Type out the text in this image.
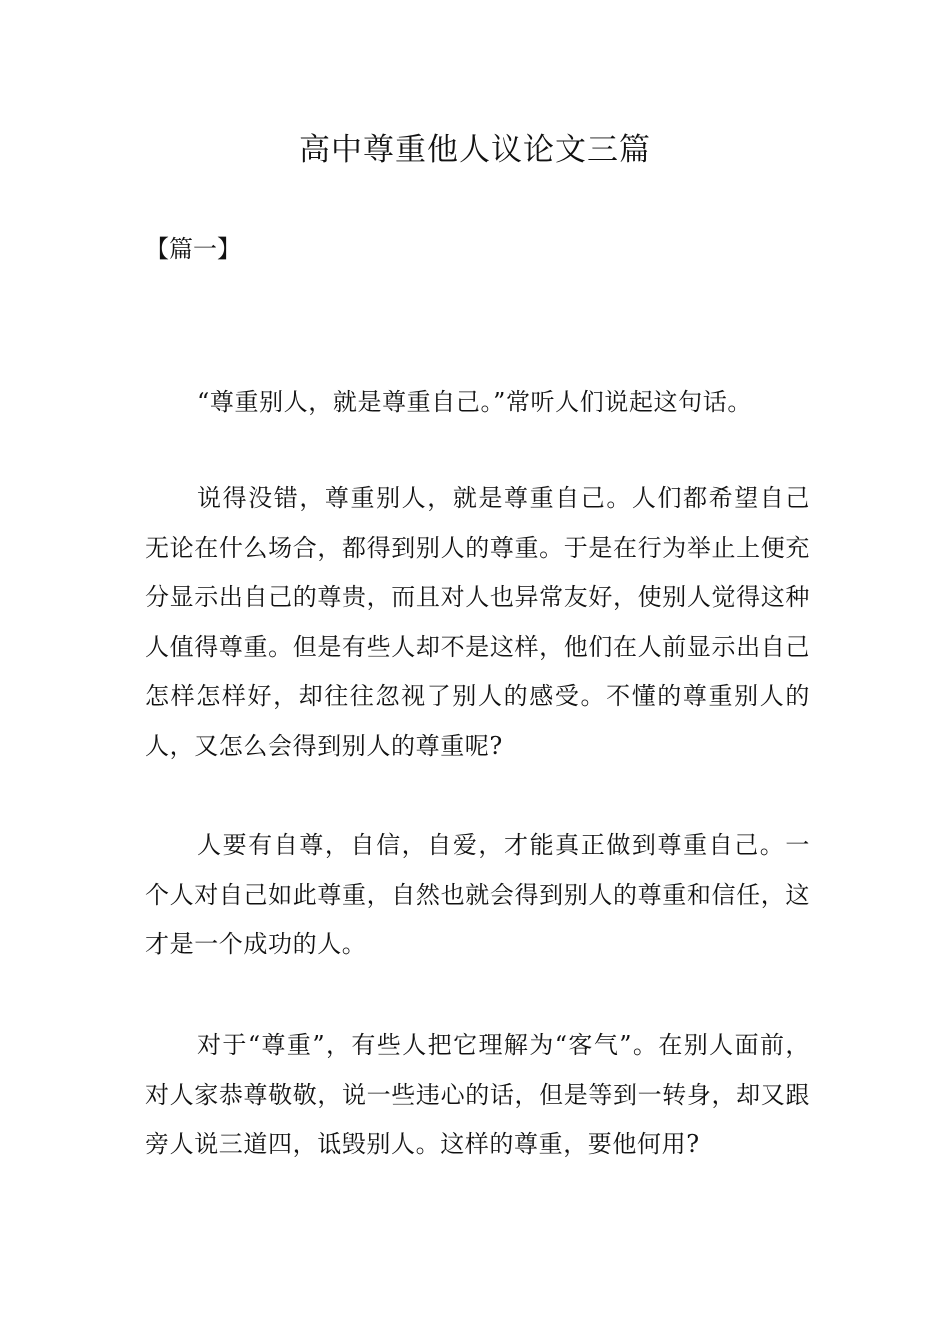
高中尊重他人议论文三篇

【篇一】

“尊重别人，就是尊重自己。”常听人们说起这句话。

说得没错，尊重别人，就是尊重自己。人们都希望自己无论在什么场合，都得到别人的尊重。于是在行为举止上便充分显示出自己的尊贵，而且对人也异常友好，使别人觉得这种人值得尊重。但是有些人却不是这样，他们在人前显示出自己怎样怎样好，却往往忽视了别人的感受。不懂的尊重别人的人，又怎么会得到别人的尊重呢?

人要有自尊，自信，自爱，才能真正做到尊重自己。一个人对自己如此尊重，自然也就会得到别人的尊重和信任，这才是一个成功的人。

对于“尊重”，有些人把它理解为“客气”。在别人面前，对人家恭尊敬敬，说一些违心的话，但是等到一转身，却又跟旁人说三道四，诋毁别人。这样的尊重，要他何用?
